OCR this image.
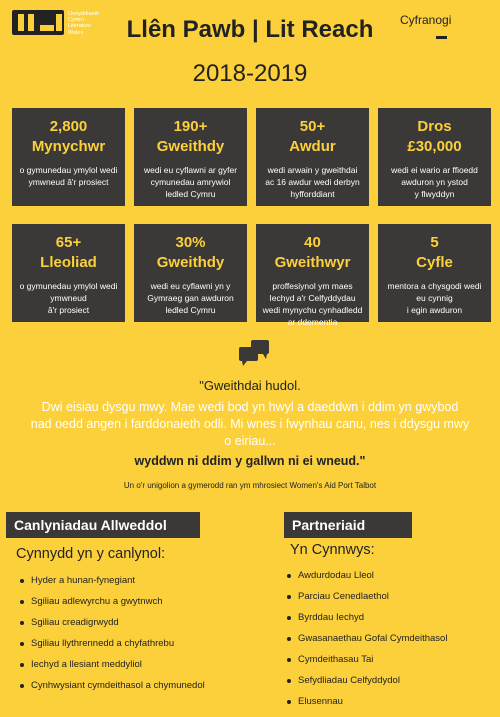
Llenyddiaeth
Cymru
Literature
Wales
Cyfranogi
Llên Pawb | Lit Reach
2018-2019
2,800
Mynychwr
o gymunedau ymylol wedi ymwneud â'r prosiect
190+
Gweithdy
wedi eu cyflawni ar gyfer cymunedau amrywiol ledled Cymru
50+
Awdur
wedi arwain y gweithdai ac 16 awdur wedi derbyn hyfforddiant
Dros
£30,000
wedi ei wario ar ffioedd awduron yn ystod
y flwyddyn
65+
Lleoliad
o gymunedau ymylol wedi ymwneud
â'r prosiect
30%
Gweithdy
wedi eu cyflawni yn y Gymraeg gan awduron ledled Cymru
40
Gweithwyr
proffesiynol ym maes Iechyd a'r Celfyddydau wedi mynychu cynhadledd ar ddementia
5
Cyfle
mentora a chysgodi wedi eu cynnig
i egin awduron
"Gweithdai hudol.
Dwi eisiau dysgu mwy. Mae wedi bod yn hwyl a daeddwn i ddim yn gwybod nad oedd angen i farddonaieth odli. Mi wnes i fwynhau canu, nes i ddysgu mwy o eiriau...
wyddwn ni ddim y gallwn ni ei wneud."
Un o'r unigolion a gymerodd ran ym mhrosiect Women's Aid Port Talbot
Canlyniadau Allweddol
Cynnydd yn y canlynol:
Hyder a hunan-fynegiant
Sgiliau adlewyrchu a gwytnwch
Sgiliau creadigrwydd
Sgiliau llythrennedd a chyfathrebu
Iechyd a llesiant meddyliol
Cynhwysiant cymdeithasol a chymunedol
Partneriaid
Yn Cynnwys:
Awdurdodau Lleol
Parciau Cenedlaethol
Byrddau Iechyd
Gwasanaethau Gofal Cymdeithasol
Cymdeithasau Tai
Sefydliadau Celfyddydol
Elusennau
